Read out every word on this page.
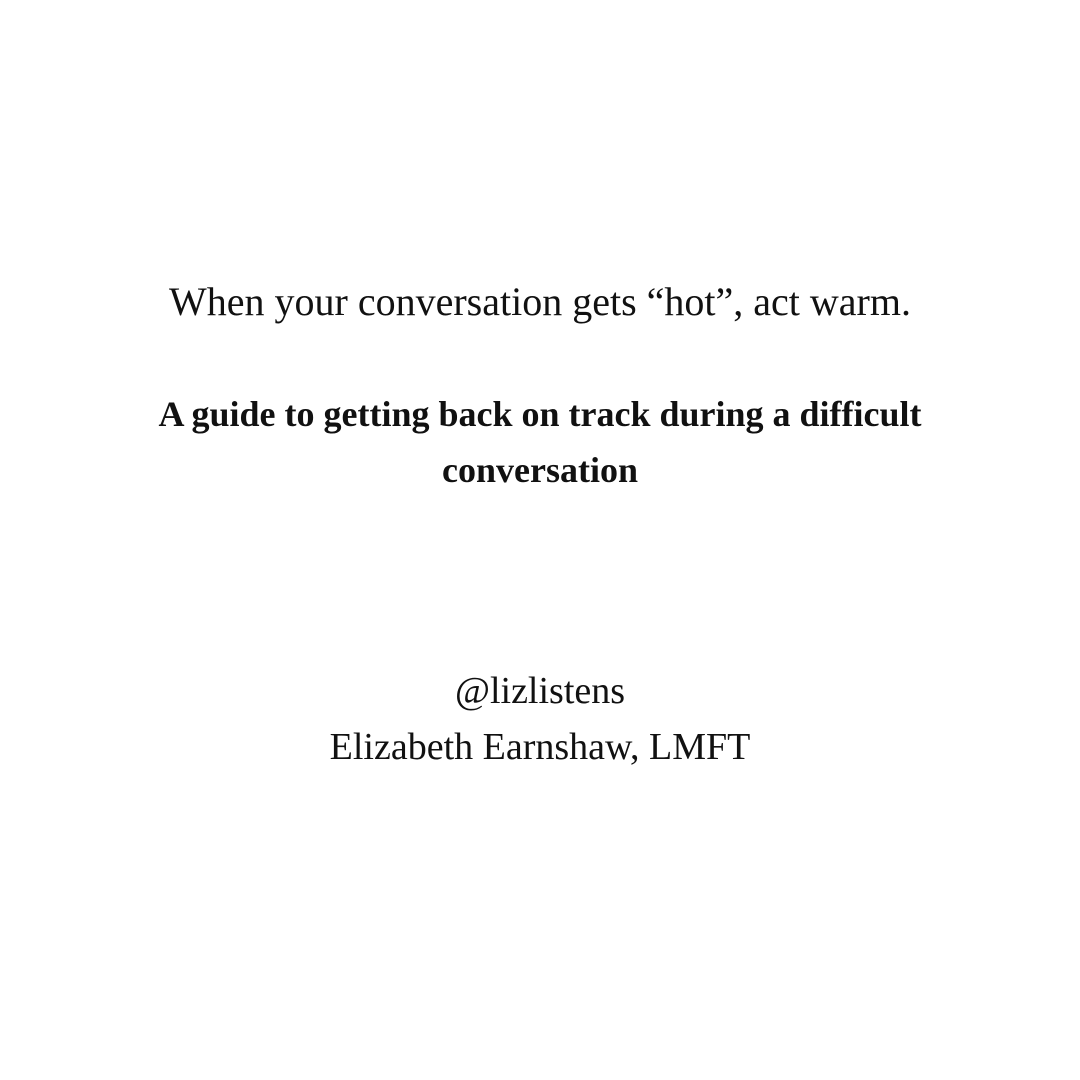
When your conversation gets “hot”, act warm.

A guide to getting back on track during a difficult conversation

@lizlistens

Elizabeth Earnshaw, LMFT
